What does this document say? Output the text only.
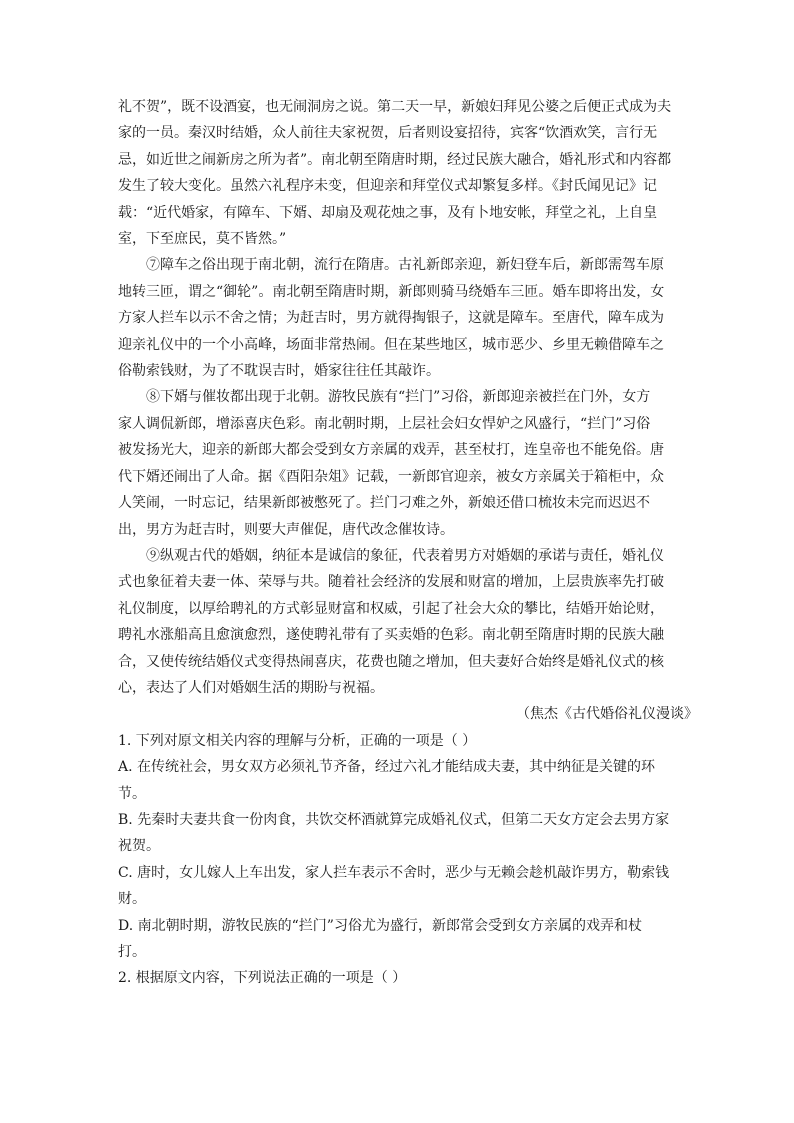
礼不贺”，既不设酒宴，也无闹洞房之说。第二天一早，新娘妇拜见公婆之后便正式成为夫
家的一员。秦汉时结婚，众人前往夫家祝贺，后者则设宴招待，宾客“饮酒欢笑，言行无
忌，如近世之闹新房之所为者”。南北朝至隋唐时期，经过民族大融合，婚礼形式和内容都
发生了较大变化。虽然六礼程序未变，但迎亲和拜堂仪式却繁复多样。《封氏闻见记》记
载：“近代婚家，有障车、下婿、却扇及观花烛之事，及有卜地安帐，拜堂之礼，上自皇
室，下至庶民，莫不皆然。”

⑦障车之俗出现于南北朝，流行在隋唐。古礼新郎亲迎，新妇登车后，新郎需驾车原
地转三匝，谓之“御轮”。南北朝至隋唐时期，新郎则骑马绕婚车三匝。婚车即将出发，女
方家人拦车以示不舍之情；为赶吉时，男方就得掏银子，这就是障车。至唐代，障车成为
迎亲礼仪中的一个小高峰，场面非常热闹。但在某些地区，城市恶少、乡里无赖借障车之
俗勒索钱财，为了不耽误吉时，婚家往往任其敲诈。

⑧下婿与催妆都出现于北朝。游牧民族有“拦门”习俗，新郎迎亲被拦在门外，女方
家人调侃新郎，增添喜庆色彩。南北朝时期，上层社会妇女悍妒之风盛行，“拦门”习俗
被发扬光大，迎亲的新郎大都会受到女方亲属的戏弄，甚至杖打，连皇帝也不能免俗。唐
代下婿还闹出了人命。据《酉阳杂俎》记载，一新郎官迎亲，被女方亲属关于箱柜中，众
人笑闹，一时忘记，结果新郎被憋死了。拦门刁难之外，新娘还借口梳妆未完而迟迟不
出，男方为赶吉时，则要大声催促，唐代改念催妆诗。

⑨纵观古代的婚姻，纳征本是诚信的象征，代表着男方对婚姻的承诺与责任，婚礼仪
式也象征着夫妻一体、荣辱与共。随着社会经济的发展和财富的增加，上层贵族率先打破
礼仪制度，以厚给聘礼的方式彰显财富和权威，引起了社会大众的攀比，结婚开始论财，
聘礼水涨船高且愈演愈烈，遂使聘礼带有了买卖婚的色彩。南北朝至隋唐时期的民族大融
合，又使传统结婚仪式变得热闹喜庆，花费也随之增加，但夫妻好合始终是婚礼仪式的核
心，表达了人们对婚姻生活的期盼与祝福。

（焦杰《古代婚俗礼仪漫谈》

1. 下列对原文相关内容的理解与分析，正确的一项是（ ）

A. 在传统社会，男女双方必须礼节齐备，经过六礼才能结成夫妻，其中纳征是关键的环
节。

B. 先秦时夫妻共食一份肉食，共饮交杯酒就算完成婚礼仪式，但第二天女方定会去男方家
祝贺。

C. 唐时，女儿嫁人上车出发，家人拦车表示不舍时，恶少与无赖会趁机敲诈男方，勒索钱
财。

D. 南北朝时期，游牧民族的“拦门”习俗尤为盛行，新郎常会受到女方亲属的戏弄和杖
打。

2. 根据原文内容，下列说法正确的一项是（ ）
